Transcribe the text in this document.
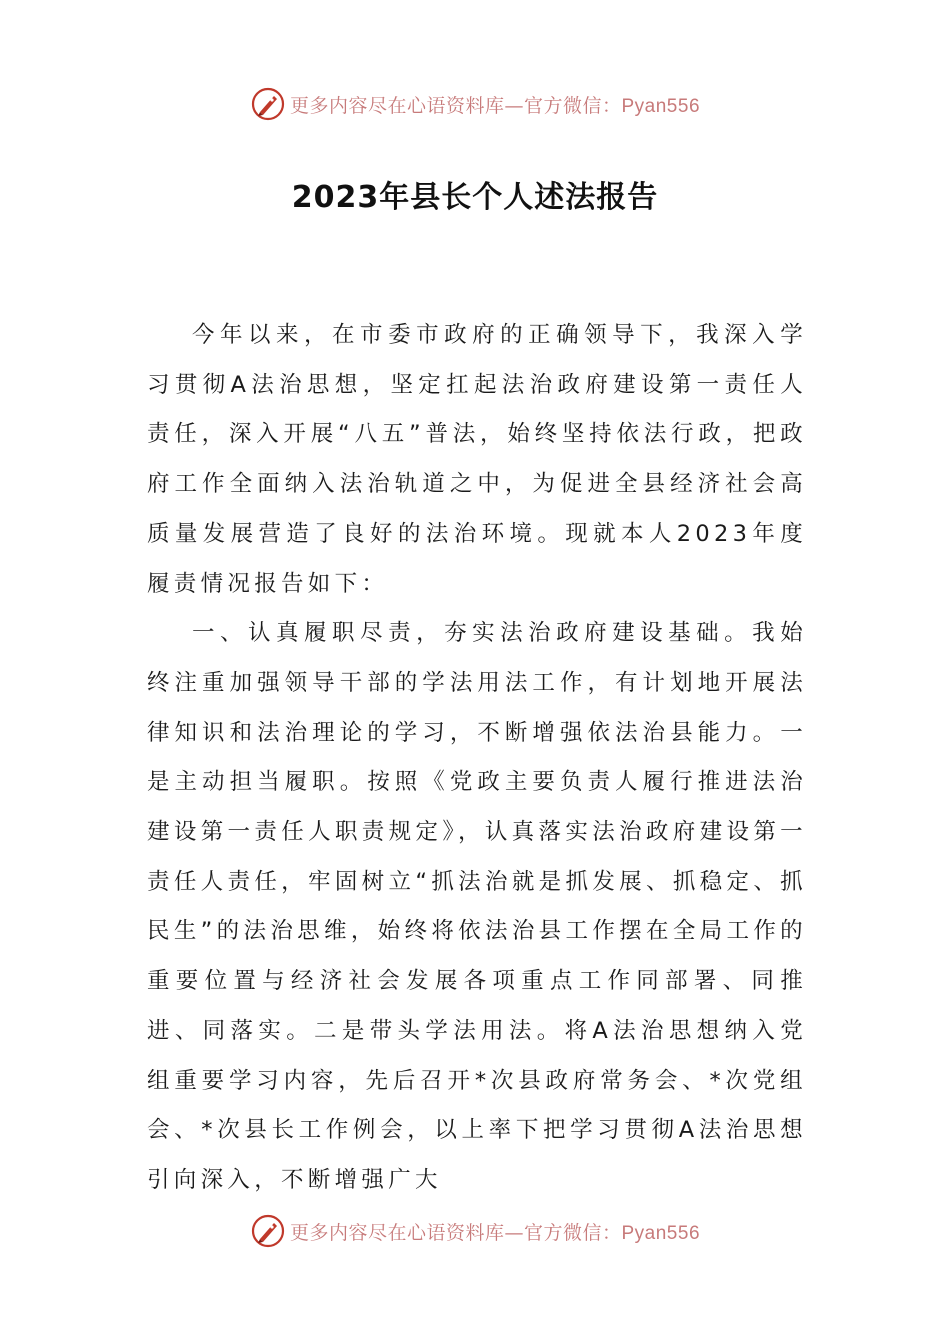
更多内容尽在心语资料库—官方微信：Pyan556
2023年县长个人述法报告

今年以来，在市委市政府的正确领导下，我深入学习贯彻A法治思想，坚定扛起法治政府建设第一责任人责任，深入开展“八五”普法，始终坚持依法行政，把政府工作全面纳入法治轨道之中，为促进全县经济社会高质量发展营造了良好的法治环境。现就本人2023年度履责情况报告如下：

一、认真履职尽责，夯实法治政府建设基础。我始终注重加强领导干部的学法用法工作，有计划地开展法律知识和法治理论的学习，不断增强依法治县能力。一是主动担当履职。按照《党政主要负责人履行推进法治建设第一责任人职责规定》，认真落实法治政府建设第一责任人责任，牢固树立“抓法治就是抓发展、抓稳定、抓民生”的法治思维，始终将依法治县工作摆在全局工作的重要位置与经济社会发展各项重点工作同部署、同推进、同落实。二是带头学法用法。将A法治思想纳入党组重要学习内容，先后召开*次县政府常务会、*次党组会、*次县长工作例会，以上率下把学习贯彻A法治思想引向深入，不断增强广大

更多内容尽在心语资料库—官方微信：Pyan556
